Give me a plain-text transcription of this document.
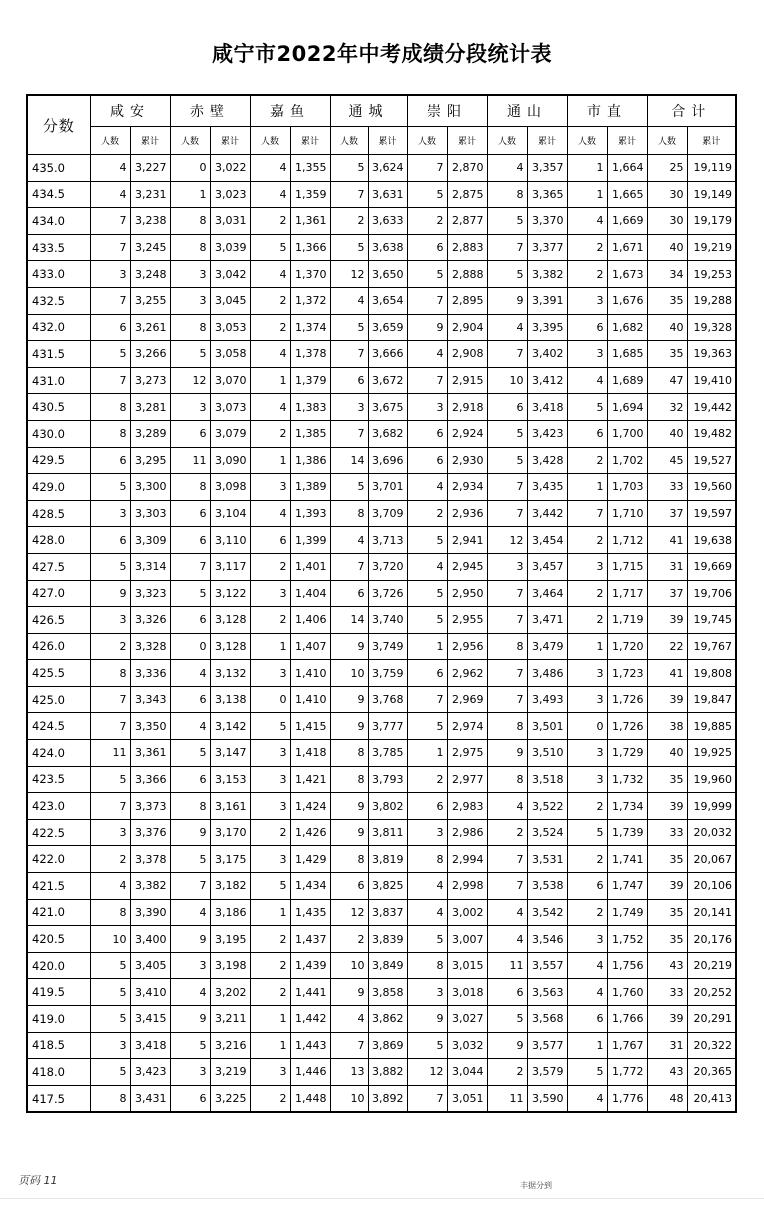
咸宁市2022年中考成绩分段统计表
分数	咸安		赤壁		嘉鱼		通城		崇阳		通山		市直		合计	
	人数	累计	人数	累计	人数	累计	人数	累计	人数	累计	人数	累计	人数	累计	人数	累计
435.0	4	3,227	0	3,022	4	1,355	5	3,624	7	2,870	4	3,357	1	1,664	25	19,119
434.5	4	3,231	1	3,023	4	1,359	7	3,631	5	2,875	8	3,365	1	1,665	30	19,149
434.0	7	3,238	8	3,031	2	1,361	2	3,633	2	2,877	5	3,370	4	1,669	30	19,179
433.5	7	3,245	8	3,039	5	1,366	5	3,638	6	2,883	7	3,377	2	1,671	40	19,219
433.0	3	3,248	3	3,042	4	1,370	12	3,650	5	2,888	5	3,382	2	1,673	34	19,253
432.5	7	3,255	3	3,045	2	1,372	4	3,654	7	2,895	9	3,391	3	1,676	35	19,288
432.0	6	3,261	8	3,053	2	1,374	5	3,659	9	2,904	4	3,395	6	1,682	40	19,328
431.5	5	3,266	5	3,058	4	1,378	7	3,666	4	2,908	7	3,402	3	1,685	35	19,363
431.0	7	3,273	12	3,070	1	1,379	6	3,672	7	2,915	10	3,412	4	1,689	47	19,410
430.5	8	3,281	3	3,073	4	1,383	3	3,675	3	2,918	6	3,418	5	1,694	32	19,442
430.0	8	3,289	6	3,079	2	1,385	7	3,682	6	2,924	5	3,423	6	1,700	40	19,482
429.5	6	3,295	11	3,090	1	1,386	14	3,696	6	2,930	5	3,428	2	1,702	45	19,527
429.0	5	3,300	8	3,098	3	1,389	5	3,701	4	2,934	7	3,435	1	1,703	33	19,560
428.5	3	3,303	6	3,104	4	1,393	8	3,709	2	2,936	7	3,442	7	1,710	37	19,597
428.0	6	3,309	6	3,110	6	1,399	4	3,713	5	2,941	12	3,454	2	1,712	41	19,638
427.5	5	3,314	7	3,117	2	1,401	7	3,720	4	2,945	3	3,457	3	1,715	31	19,669
427.0	9	3,323	5	3,122	3	1,404	6	3,726	5	2,950	7	3,464	2	1,717	37	19,706
426.5	3	3,326	6	3,128	2	1,406	14	3,740	5	2,955	7	3,471	2	1,719	39	19,745
426.0	2	3,328	0	3,128	1	1,407	9	3,749	1	2,956	8	3,479	1	1,720	22	19,767
425.5	8	3,336	4	3,132	3	1,410	10	3,759	6	2,962	7	3,486	3	1,723	41	19,808
425.0	7	3,343	6	3,138	0	1,410	9	3,768	7	2,969	7	3,493	3	1,726	39	19,847
424.5	7	3,350	4	3,142	5	1,415	9	3,777	5	2,974	8	3,501	0	1,726	38	19,885
424.0	11	3,361	5	3,147	3	1,418	8	3,785	1	2,975	9	3,510	3	1,729	40	19,925
423.5	5	3,366	6	3,153	3	1,421	8	3,793	2	2,977	8	3,518	3	1,732	35	19,960
423.0	7	3,373	8	3,161	3	1,424	9	3,802	6	2,983	4	3,522	2	1,734	39	19,999
422.5	3	3,376	9	3,170	2	1,426	9	3,811	3	2,986	2	3,524	5	1,739	33	20,032
422.0	2	3,378	5	3,175	3	1,429	8	3,819	8	2,994	7	3,531	2	1,741	35	20,067
421.5	4	3,382	7	3,182	5	1,434	6	3,825	4	2,998	7	3,538	6	1,747	39	20,106
421.0	8	3,390	4	3,186	1	1,435	12	3,837	4	3,002	4	3,542	2	1,749	35	20,141
420.5	10	3,400	9	3,195	2	1,437	2	3,839	5	3,007	4	3,546	3	1,752	35	20,176
420.0	5	3,405	3	3,198	2	1,439	10	3,849	8	3,015	11	3,557	4	1,756	43	20,219
419.5	5	3,410	4	3,202	2	1,441	9	3,858	3	3,018	6	3,563	4	1,760	33	20,252
419.0	5	3,415	9	3,211	1	1,442	4	3,862	9	3,027	5	3,568	6	1,766	39	20,291
418.5	3	3,418	5	3,216	1	1,443	7	3,869	5	3,032	9	3,577	1	1,767	31	20,322
418.0	5	3,423	3	3,219	3	1,446	13	3,882	12	3,044	2	3,579	5	1,772	43	20,365
417.5	8	3,431	6	3,225	2	1,448	10	3,892	7	3,051	11	3,590	4	1,776	48	20,413
页码 11	丰据分到
